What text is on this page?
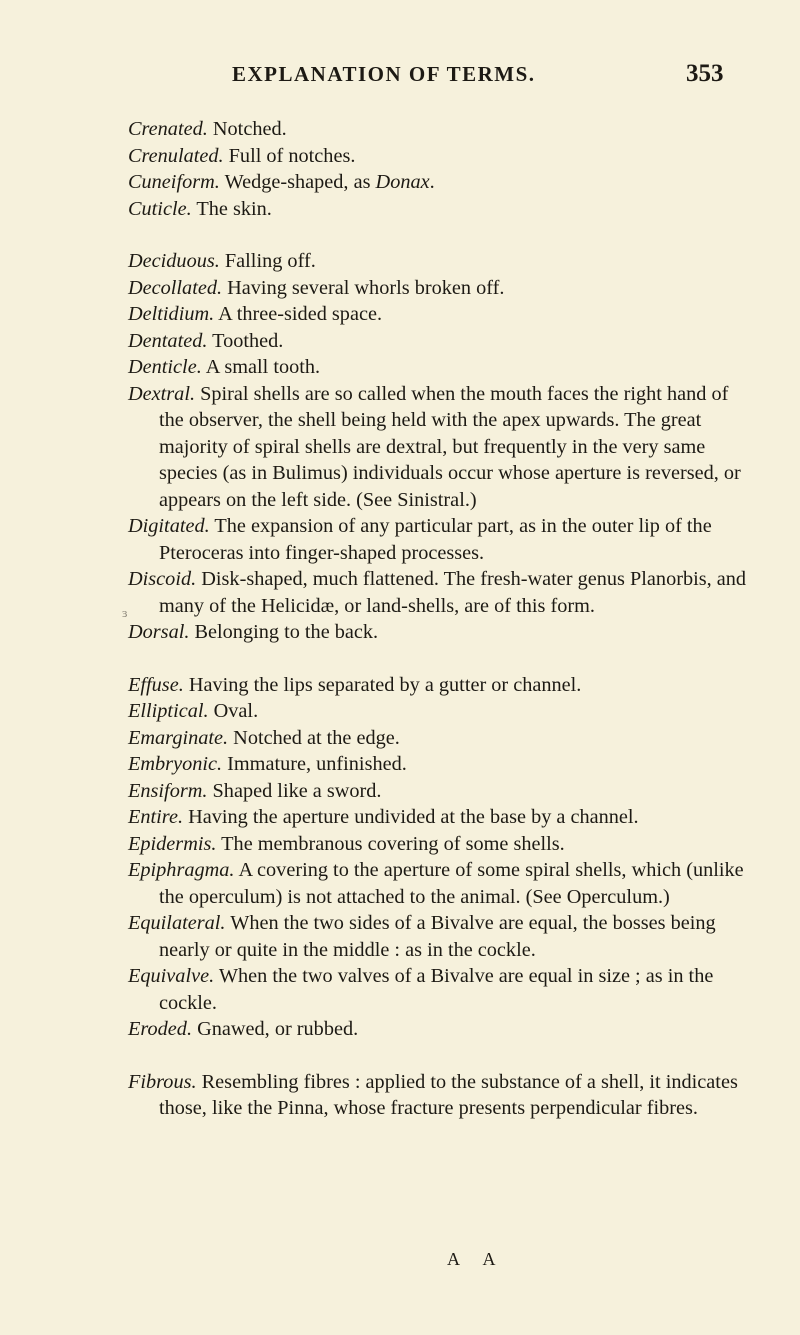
EXPLANATION OF TERMS.	353
ɜ

Crenated. Notched.

Crenulated. Full of notches.

Cuneiform. Wedge-shaped, as Donax.

Cuticle. The skin.

Deciduous. Falling off.

Decollated. Having several whorls broken off.

Deltidium. A three-sided space.

Dentated. Toothed.

Denticle. A small tooth.

Dextral. Spiral shells are so called when the mouth faces the right hand of the observer, the shell being held with the apex upwards. The great majority of spiral shells are dextral, but frequently in the very same species (as in Bulimus) individuals occur whose aperture is reversed, or appears on the left side. (See Sinistral.)

Digitated. The expansion of any particular part, as in the outer lip of the Pteroceras into finger-shaped processes.

Discoid. Disk-shaped, much flattened. The fresh-water genus Planorbis, and many of the Helicidæ, or land-shells, are of this form.

Dorsal. Belonging to the back.

Effuse. Having the lips separated by a gutter or channel.

Elliptical. Oval.

Emarginate. Notched at the edge.

Embryonic. Immature, unfinished.

Ensiform. Shaped like a sword.

Entire. Having the aperture undivided at the base by a channel.

Epidermis. The membranous covering of some shells.

Epiphragma. A covering to the aperture of some spiral shells, which (unlike the operculum) is not attached to the animal. (See Operculum.)

Equilateral. When the two sides of a Bivalve are equal, the bosses being nearly or quite in the middle : as in the cockle.

Equivalve. When the two valves of a Bivalve are equal in size ; as in the cockle.

Eroded. Gnawed, or rubbed.

Fibrous. Resembling fibres : applied to the substance of a shell, it indicates those, like the Pinna, whose fracture presents perpendicular fibres.

A A
